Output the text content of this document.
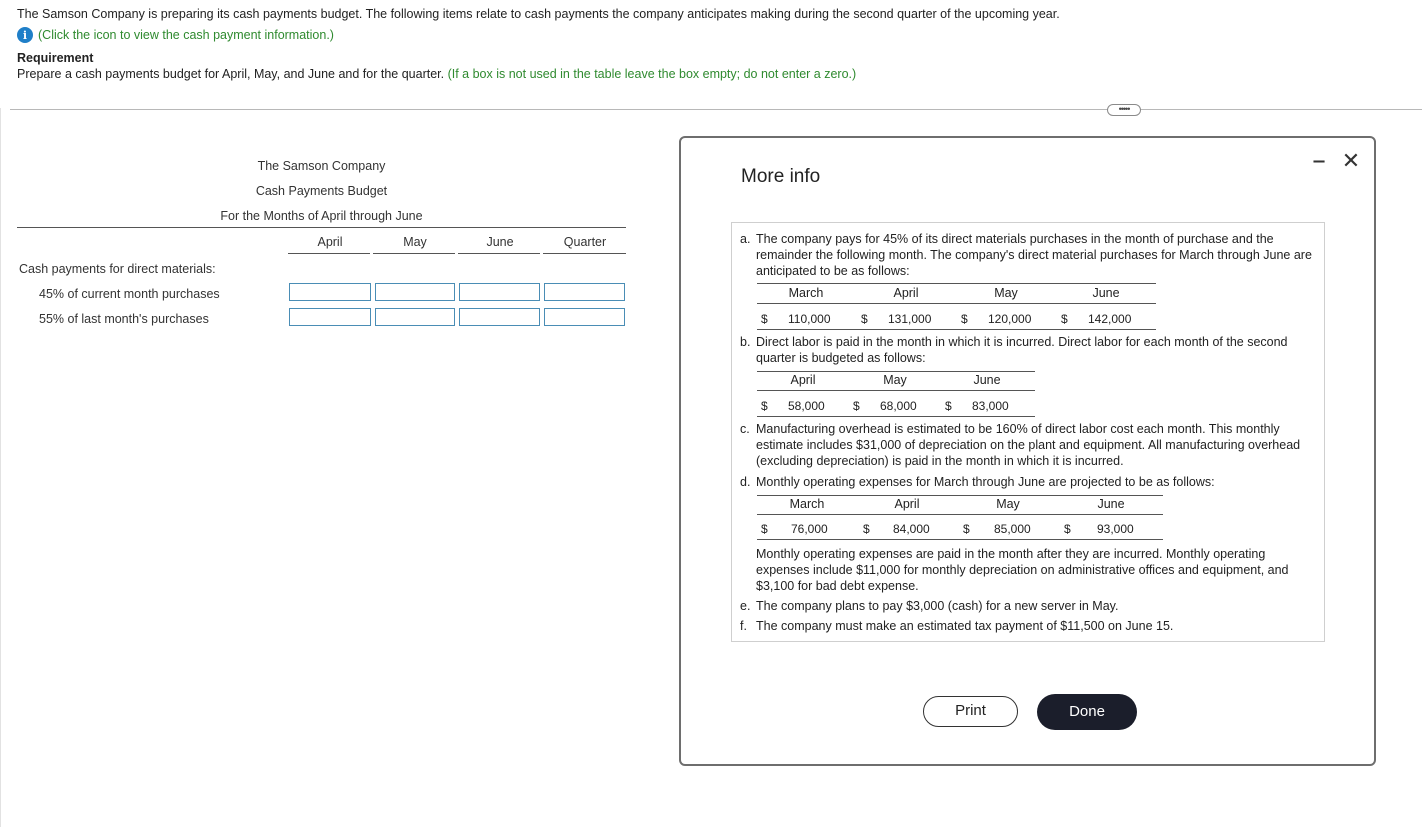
The Samson Company is preparing its cash payments budget. The following items relate to cash payments the company anticipates making during the second quarter of the upcoming year.
i (Click the icon to view the cash payment information.)
Requirement
Prepare a cash payments budget for April, May, and June and for the quarter. (If a box is not used in the table leave the box empty; do not enter a zero.)
•••••
The Samson Company
Cash Payments Budget
For the Months of April through June
April	May	June	Quarter
Cash payments for direct materials:
45% of current month purchases
55% of last month's purchases
More info
‒ ✕
a. The company pays for 45% of its direct materials purchases in the month of purchase and the remainder the following month. The company's direct material purchases for March through June are anticipated to be as follows:
March	April	May	June
$ 110,000	$ 131,000 $ 120,000 $ 142,000
b. Direct labor is paid in the month in which it is incurred. Direct labor for each month of the second quarter is budgeted as follows:
April	May	June
$ 58,000 $ 68,000 $ 83,000
c. Manufacturing overhead is estimated to be 160% of direct labor cost each month. This monthly estimate includes $31,000 of depreciation on the plant and equipment. All manufacturing overhead (excluding depreciation) is paid in the month in which it is incurred.
d. Monthly operating expenses for March through June are projected to be as follows:
March	April	May	June
$ 76,000	$ 84,000	$ 85,000	$ 93,000
Monthly operating expenses are paid in the month after they are incurred. Monthly operating expenses include $11,000 for monthly depreciation on administrative offices and equipment, and $3,100 for bad debt expense.
e. The company plans to pay $3,000 (cash) for a new server in May.
f. The company must make an estimated tax payment of $11,500 on June 15.
Print	Done
